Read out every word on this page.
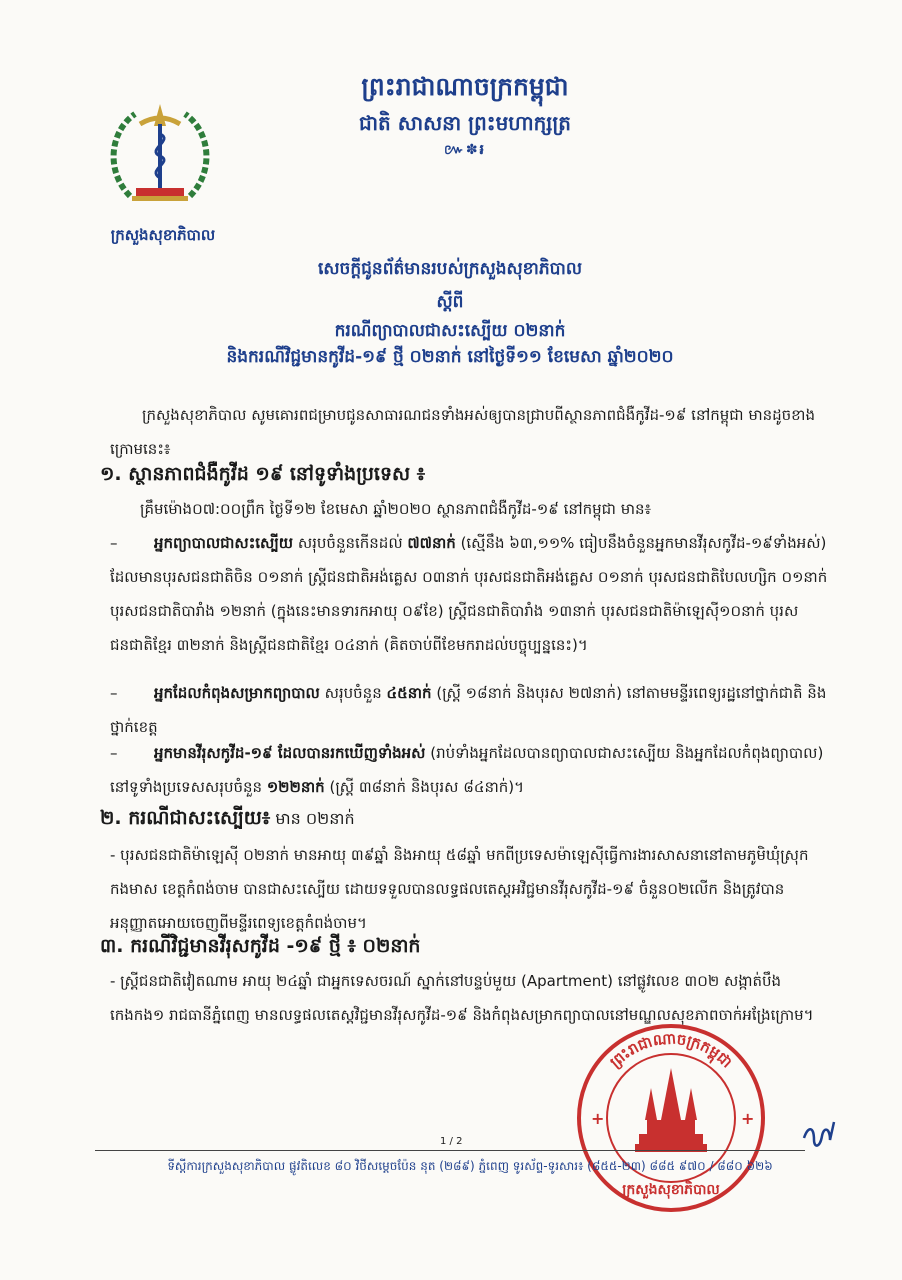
ក្រសួងសុខាភិបាល
ព្រះរាជាណាចក្រកម្ពុជា
ជាតិ សាសនា ព្រះមហាក្សត្រ
៚✽៛
សេចក្តីជូនព័ត៌មានរបស់ក្រសួងសុខាភិបាល
ស្តីពី
ករណីព្យាបាលជាសះស្បើយ ០២នាក់
និងករណីវិជ្ជមានកូវីដ-១៩ ថ្មី ០២នាក់ នៅថ្ងៃទី១១ ខែមេសា ឆ្នាំ២០២០
ក្រសួងសុខាភិបាល សូមគោរពជម្រាបជូនសាធារណជនទាំងអស់ឲ្យបានជ្រាបពីស្ថានភាពជំងឺកូវីដ-១៩ នៅកម្ពុជា មានដូចខាងក្រោមនេះ៖
១. ស្ថានភាពជំងឺកូវីដ ១៩ នៅទូទាំងប្រទេស ៖
គ្រឹមម៉ោង០៧:០០ព្រឹក ថ្ងៃទី១២ ខែមេសា ឆ្នាំ២០២០ ស្ថានភាពជំងឺកូវីដ-១៩ នៅកម្ពុជា មាន៖
– អ្នកព្យាបាលជាសះស្បើយ សរុបចំនួនកើនដល់ ៧៧នាក់ (ស្មើនឹង ៦៣,១១% ធៀបនឹងចំនួនអ្នកមានវីរុសកូវីដ-១៩ទាំងអស់) ដែលមានបុរសជនជាតិចិន ០១នាក់ ស្ត្រីជនជាតិអង់គ្លេស ០៣នាក់ បុរសជនជាតិអង់គ្លេស ០១នាក់ បុរសជនជាតិបែលហ្សិក ០១នាក់ បុរសជនជាតិបារាំង ១២នាក់ (ក្នុងនេះមានទារកអាយុ ០៩ខែ) ស្ត្រីជនជាតិបារាំង ១៣នាក់ បុរសជនជាតិម៉ាឡេស៊ី១០នាក់ បុរសជនជាតិខ្មែរ ៣២នាក់ និងស្ត្រីជនជាតិខ្មែរ ០៤នាក់ (គិតចាប់ពីខែមករាដល់បច្ចុប្បន្ននេះ)។
– អ្នកដែលកំពុងសម្រាកព្យាបាល សរុបចំនួន ៤៥នាក់ (ស្ត្រី ១៨នាក់ និងបុរស ២៧នាក់) នៅតាមមន្ទីរពេទ្យរដ្ឋនៅថ្នាក់ជាតិ និងថ្នាក់ខេត្ត
– អ្នកមានវីរុសកូវីដ-១៩ ដែលបានរកឃើញទាំងអស់ (រាប់ទាំងអ្នកដែលបានព្យាបាលជាសះស្បើយ និងអ្នកដែលកំពុងព្យាបាល) នៅទូទាំងប្រទេសសរុបចំនួន ១២២នាក់ (ស្ត្រី ៣៨នាក់ និងបុរស ៨៤នាក់)។
២. ករណីជាសះស្បើយ៖ មាន ០២នាក់
- បុរសជនជាតិម៉ាឡេស៊ី ០២នាក់ មានអាយុ ៣៩ឆ្នាំ និងអាយុ ៥៨ឆ្នាំ មកពីប្រទេសម៉ាឡេស៊ីធ្វើការងារសាសនានៅតាមភូមិឃុំស្រុកកងមាស ខេត្តកំពង់ចាម បានជាសះស្បើយ ដោយទទួលបានលទ្ធផលតេស្តអវិជ្ជមានវីរុសកូវីដ-១៩ ចំនួន០២លើក និងត្រូវបានអនុញ្ញាតអោយចេញពីមន្ទីរពេទ្យខេត្តកំពង់ចាម។
៣. ករណីវិជ្ជមានវីរុសកូវីដ -១៩ ថ្មី ៖ ០២នាក់
- ស្ត្រីជនជាតិវៀតណាម អាយុ ២៤ឆ្នាំ ជាអ្នកទេសចរណ៍ ស្នាក់នៅបន្ទប់មួយ (Apartment) នៅផ្លូវលេខ ៣០២ សង្កាត់បឹងកេងកង១ រាជធានីភ្នំពេញ មានលទ្ធផលតេស្តវិជ្ជមានវីរុសកូវីដ-១៩ និងកំពុងសម្រាកព្យាបាលនៅមណ្ឌលសុខភាពចាក់អង្រែក្រោម។
ព្រះរាជាណាចក្រកម្ពុជា
ក្រសួងសុខាភិបាល
+	+
1 / 2
ទីស្តីការក្រសួងសុខាភិបាល ផ្លូវតិលេខ ៨០ វិថីសម្តេចប៉ែន នុត (២៨៩) ភ្នំពេញ ទូរស័ព្ទ-ទូរសារ៖ (៨៥៥-២៣) ៨៨៥ ៩៧០ / ៨៨០ ៦២៦
